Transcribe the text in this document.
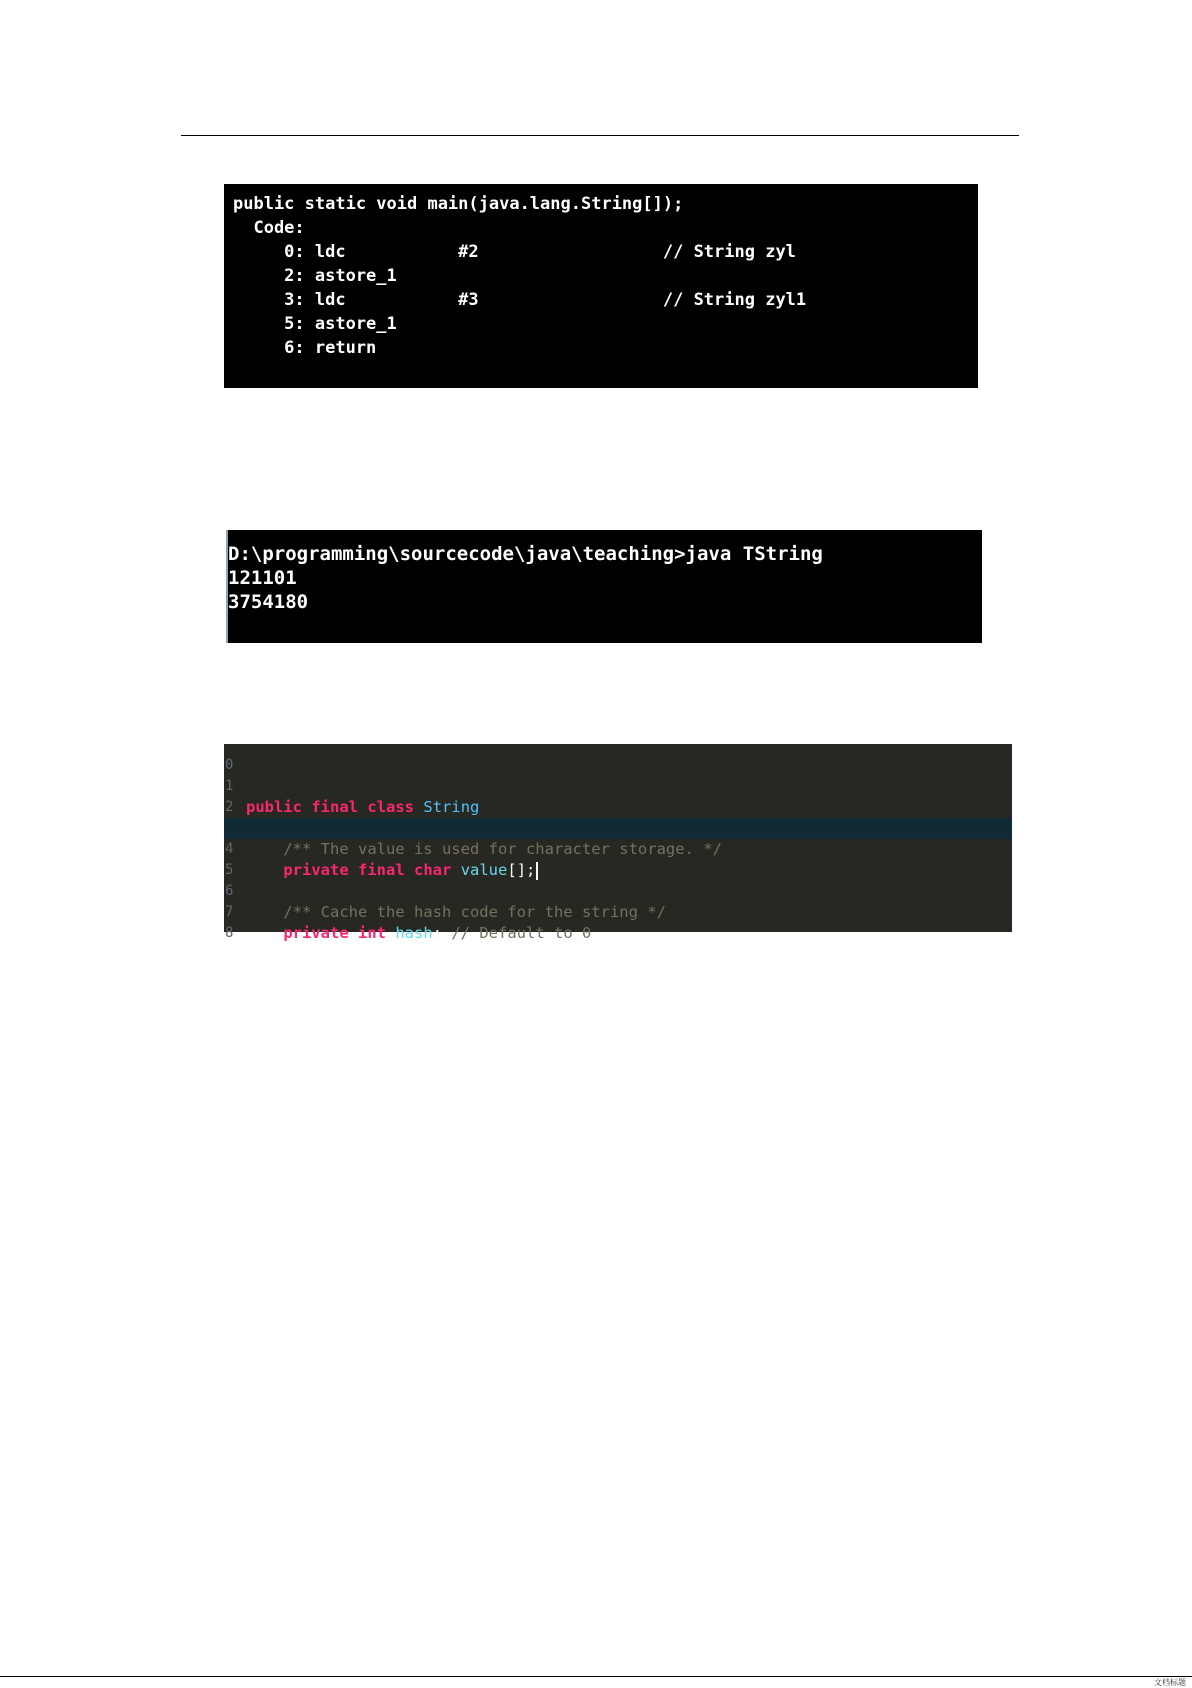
public static void main(java.lang.String[]);
Code:
0: ldc           #2                  // String zyl
2: astore_1
3: ldc           #3                  // String zyl1
5: astore_1
6: return
D:\programming\sourcecode\java\teaching>java TString
121101
3754180

0

1

public final class String

2

/** The value is used for character storage. */

4

private final char value[];

5

6

/** Cache the hash code for the string */

7

private int hash; // Default to 0

8

文档标题
